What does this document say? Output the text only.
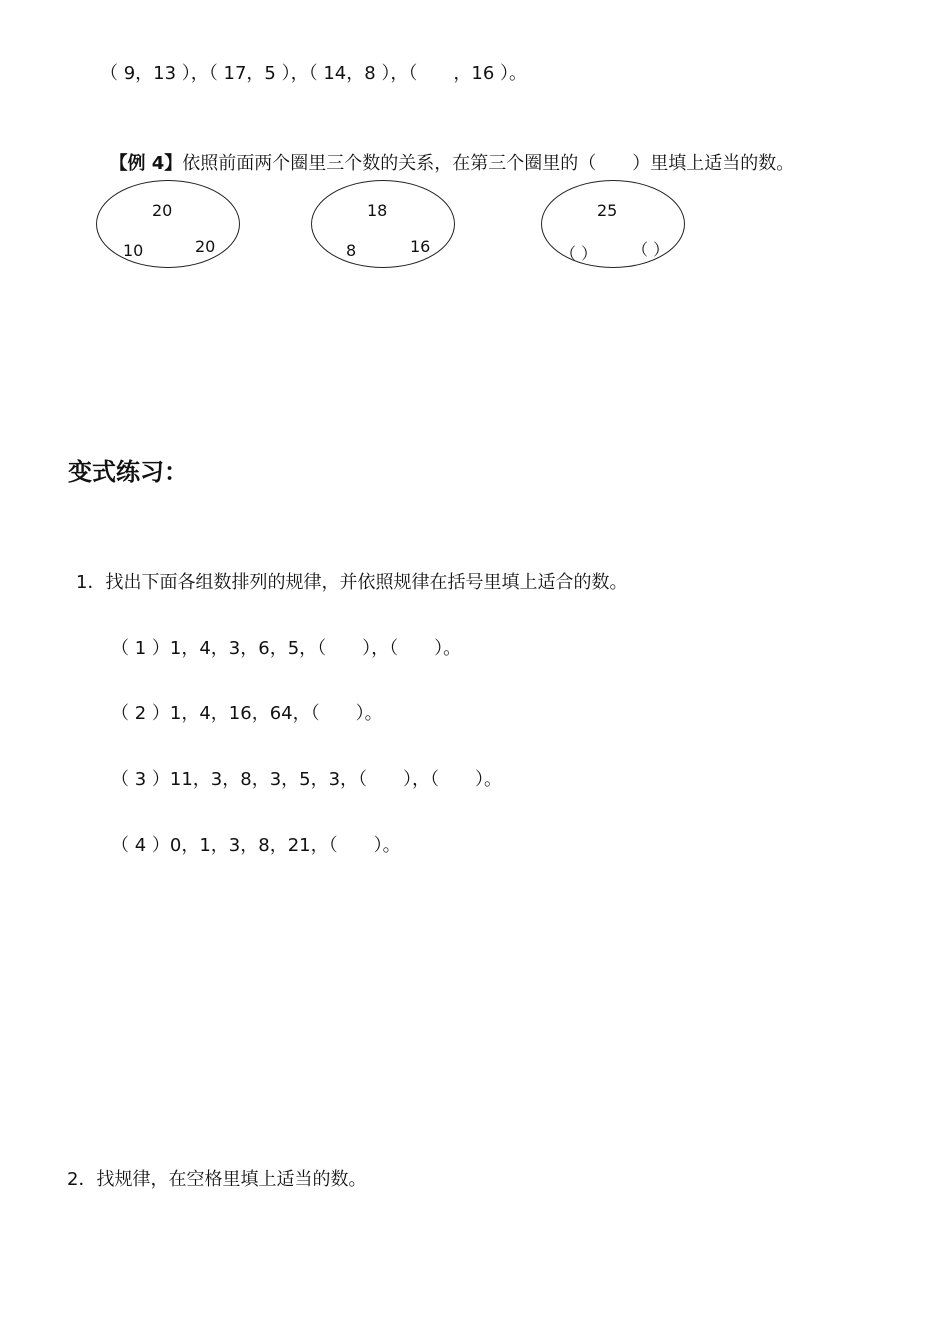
（ 9，13 ），（ 17，5 ），（ 14，8 ），（　　，16 ）。

【例 4】依照前面两个圈里三个数的关系，在第三个圈里的（　　）里填上适当的数。

20
10	20
18
8	16
25
（ ） （ ）
变式练习：
1．找出下面各组数排列的规律，并依照规律在括号里填上适合的数。
（ 1 ）1，4，3，6，5，（　　），（　　）。
（ 2 ）1，4，16，64，（　　）。
（ 3 ）11，3，8，3，5，3，（　　），（　　）。
（ 4 ）0，1，3，8，21，（　　）。
2．找规律，在空格里填上适当的数。
